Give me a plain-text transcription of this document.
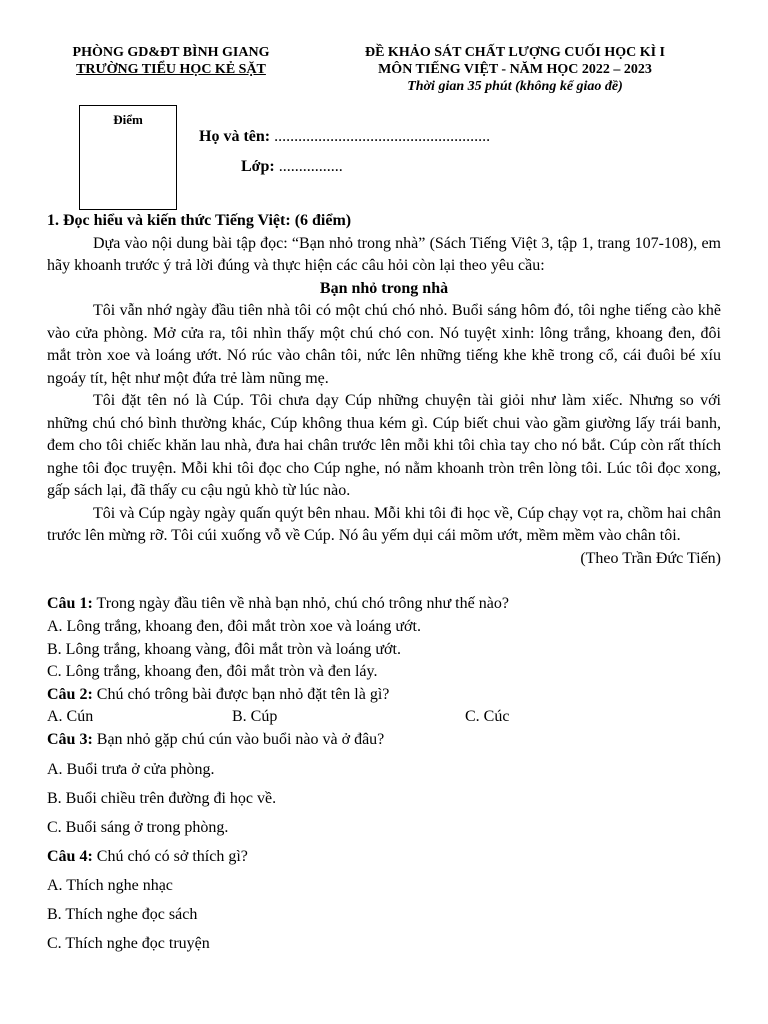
PHÒNG GD&ĐT BÌNH GIANG
TRƯỜNG TIỂU HỌC KẺ SẶT
ĐỀ KHẢO SÁT CHẤT LƯỢNG CUỐI HỌC KÌ I
MÔN TIẾNG VIỆT - NĂM HỌC 2022 – 2023
Thời gian 35 phút (không kể giao đề)
Điểm
Họ và tên: ......................................................
Lớp: ................

1. Đọc hiểu và kiến thức Tiếng Việt: (6 điểm)

Dựa vào nội dung bài tập đọc: “Bạn nhỏ trong nhà” (Sách Tiếng Việt 3, tập 1, trang 107-108), em hãy khoanh trước ý trả lời đúng và thực hiện các câu hỏi còn lại theo yêu cầu:

Bạn nhỏ trong nhà

Tôi vẫn nhớ ngày đầu tiên nhà tôi có một chú chó nhỏ. Buổi sáng hôm đó, tôi nghe tiếng cào khẽ vào cửa phòng. Mở cửa ra, tôi nhìn thấy một chú chó con. Nó tuyệt xinh: lông trắng, khoang đen, đôi mắt tròn xoe và loáng ướt. Nó rúc vào chân tôi, nức lên những tiếng khe khẽ trong cổ, cái đuôi bé xíu ngoáy tít, hệt như một đứa trẻ làm nũng mẹ.

Tôi đặt tên nó là Cúp. Tôi chưa dạy Cúp những chuyện tài giỏi như làm xiếc. Nhưng so với những chú chó bình thường khác, Cúp không thua kém gì. Cúp biết chui vào gầm giường lấy trái banh, đem cho tôi chiếc khăn lau nhà, đưa hai chân trước lên mỗi khi tôi chìa tay cho nó bắt. Cúp còn rất thích nghe tôi đọc truyện. Mỗi khi tôi đọc cho Cúp nghe, nó nằm khoanh tròn trên lòng tôi. Lúc tôi đọc xong, gấp sách lại, đã thấy cu cậu ngủ khò từ lúc nào.

Tôi và Cúp ngày ngày quấn quýt bên nhau. Mỗi khi tôi đi học về, Cúp chạy vọt ra, chồm hai chân trước lên mừng rỡ. Tôi cúi xuống vỗ về Cúp. Nó âu yếm dụi cái mõm ướt, mềm mềm vào chân tôi.

(Theo Trần Đức Tiến)

Câu 1: Trong ngày đầu tiên về nhà bạn nhỏ, chú chó trông như thế nào?
A. Lông trắng, khoang đen, đôi mắt tròn xoe và loáng ướt.
B. Lông trắng, khoang vàng, đôi mắt tròn và loáng ướt.
C. Lông trắng, khoang đen, đôi mắt tròn và đen láy.
Câu 2: Chú chó trông bài được bạn nhỏ đặt tên là gì?
A. Cún	B. Cúp	C. Cúc
Câu 3: Bạn nhỏ gặp chú cún vào buổi nào và ở đâu?
A. Buổi trưa ở cửa phòng.
B. Buổi chiều trên đường đi học về.
C. Buổi sáng ở trong phòng.
Câu 4: Chú chó có sở thích gì?
A. Thích nghe nhạc
B. Thích nghe đọc sách
C. Thích nghe đọc truyện
